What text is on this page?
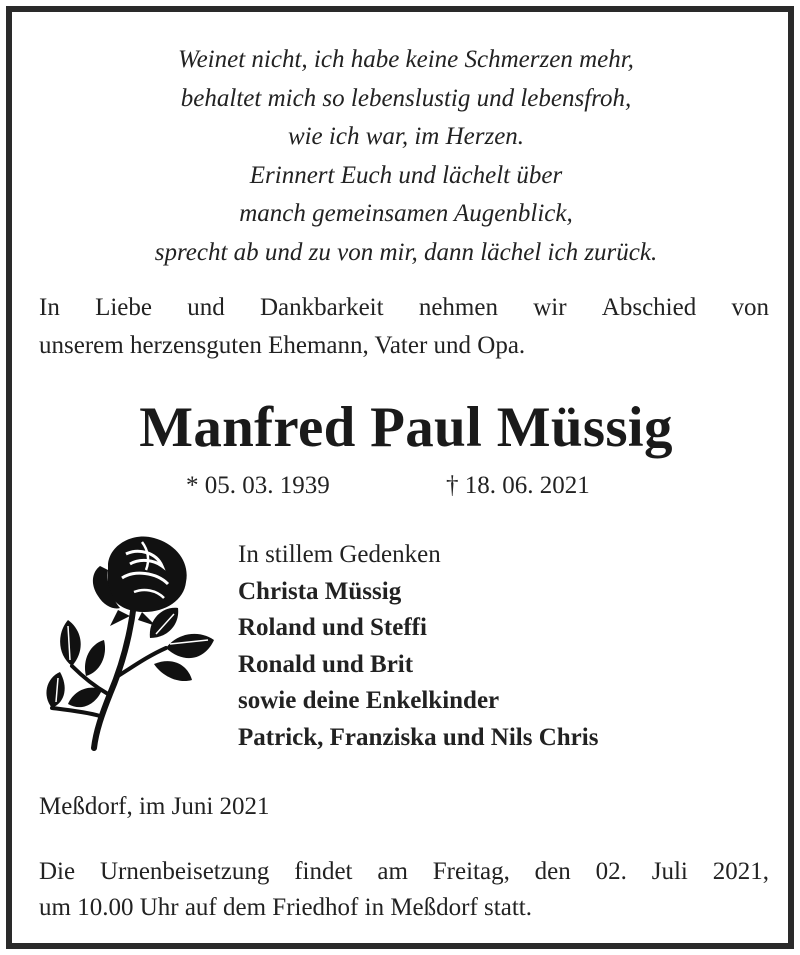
Weinet nicht, ich habe keine Schmerzen mehr,
behaltet mich so lebenslustig und lebensfroh,
wie ich war, im Herzen.
Erinnert Euch und lächelt über
manch gemeinsamen Augenblick,
sprecht ab und zu von mir, dann lächel ich zurück.
In Liebe und Dankbarkeit nehmen wir Abschied von
unserem herzensguten Ehemann, Vater und Opa.
Manfred Paul Müssig
* 05. 03. 1939	† 18. 06. 2021
In stillem Gedenken
Christa Müssig
Roland und Steffi
Ronald und Brit
sowie deine Enkelkinder
Patrick, Franziska und Nils Chris
Meßdorf, im Juni 2021
Die Urnenbeisetzung findet am Freitag, den 02. Juli 2021,
um 10.00 Uhr auf dem Friedhof in Meßdorf statt.
